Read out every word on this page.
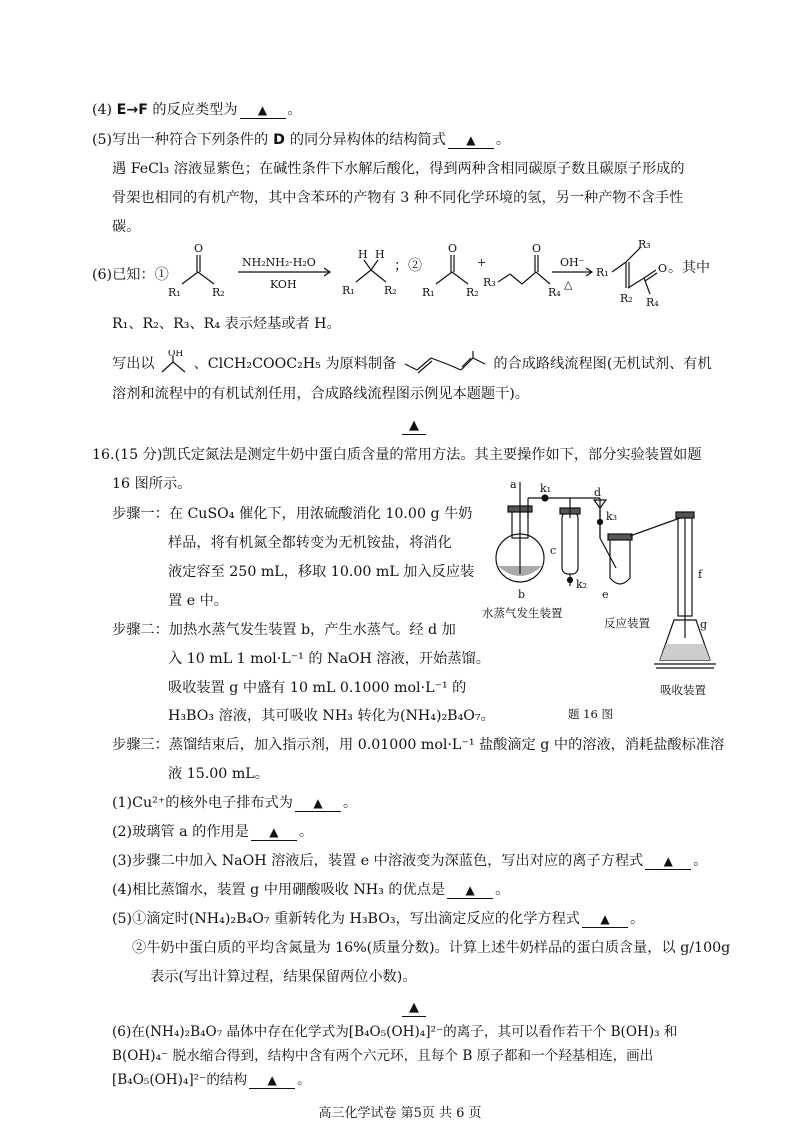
(4) E→F 的反应类型为 ▲ 。
(5)写出一种符合下列条件的 D 的同分异构体的结构简式 ▲ 。
遇 FeCl₃ 溶液显紫色；在碱性条件下水解后酸化，得到两种含相同碳原子数且碳原子形成的
骨架也相同的有机产物，其中含苯环的产物有 3 种不同化学环境的氢，另一种产物不含手性
碳。
(6)已知：①
O
R₁	R₂
NH₂NH₂·H₂O
KOH
H H
R₁	R₂
；②
O
R₁	R₂
+
R₃
O
R₄
OH⁻
△
R₁
R₃
R₂ R₄
O 。其中
R₁、R₂、R₃、R₄ 表示烃基或者 H。
写出以
OH
、ClCH₂COOC₂H₅ 为原料制备	的合成路线流程图(无机试剂、有机
溶剂和流程中的有机试剂任用，合成路线流程图示例见本题题干)。
▲
16.(15 分)凯氏定氮法是测定牛奶中蛋白质含量的常用方法。其主要操作如下，部分实验装置如题
16 图所示。
步骤一：在 CuSO₄ 催化下，用浓硫酸消化 10.00 g 牛奶
样品，将有机氮全都转变为无机铵盐，将消化
液定容至 250 mL，移取 10.00 mL 加入反应装
置 e 中。
步骤二：加热水蒸气发生装置 b，产生水蒸气。经 d 加
入 10 mL 1 mol·L⁻¹ 的 NaOH 溶液，开始蒸馏。
吸收装置 g 中盛有 10 mL 0.1000 mol·L⁻¹ 的
H₃BO₃ 溶液，其可吸收 NH₃ 转化为(NH₄)₂B₄O₇。
a k₁	d
k₃
b
c
k₂
e
f
g
水蒸气发生装置
反应装置
吸收装置
题 16 图
步骤三：蒸馏结束后，加入指示剂，用 0.01000 mol·L⁻¹ 盐酸滴定 g 中的溶液，消耗盐酸标准溶
液 15.00 mL。
(1)Cu²⁺的核外电子排布式为 ▲ 。
(2)玻璃管 a 的作用是 ▲ 。
(3)步骤二中加入 NaOH 溶液后，装置 e 中溶液变为深蓝色，写出对应的离子方程式 ▲ 。
(4)相比蒸馏水，装置 g 中用硼酸吸收 NH₃ 的优点是 ▲ 。
(5)①滴定时(NH₄)₂B₄O₇ 重新转化为 H₃BO₃，写出滴定反应的化学方程式 ▲ 。
②牛奶中蛋白质的平均含氮量为 16%(质量分数)。计算上述牛奶样品的蛋白质含量，以 g/100g
表示(写出计算过程，结果保留两位小数)。
▲
(6)在(NH₄)₂B₄O₇ 晶体中存在化学式为[B₄O₅(OH)₄]²⁻的离子，其可以看作若干个 B(OH)₃ 和
B(OH)₄⁻ 脱水缩合得到，结构中含有两个六元环，且每个 B 原子都和一个羟基相连，画出
[B₄O₅(OH)₄]²⁻的结构 ▲ 。
高三化学试卷 第5页 共 6 页
